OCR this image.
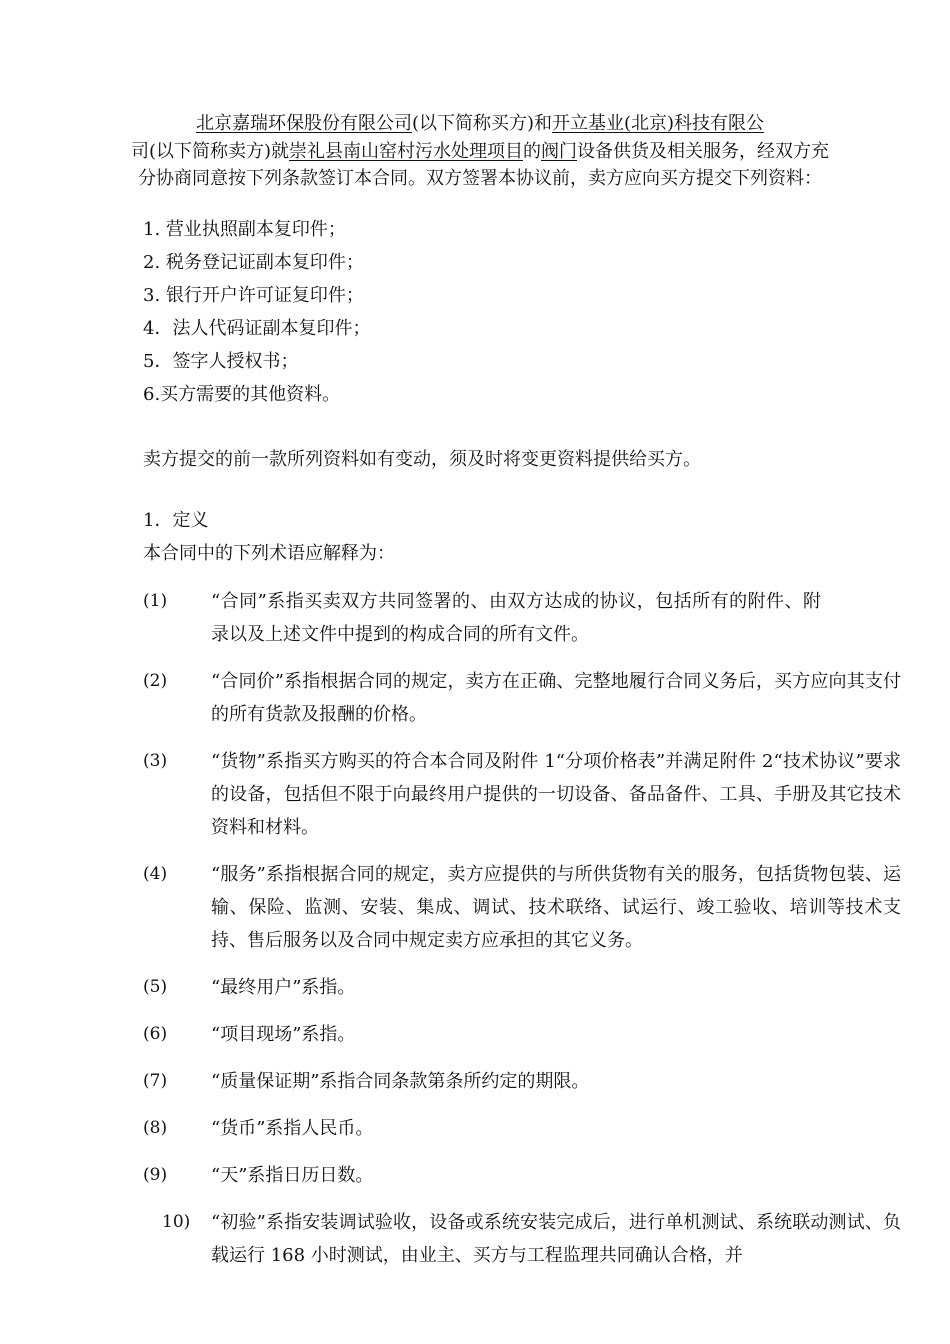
北京嘉瑞环保股份有限公司(以下简称买方)和开立基业(北京)科技有限公
司(以下简称卖方)就崇礼县南山窑村污水处理项目的阀门设备供货及相关服务，经双方充分协商同意按下列条款签订本合同。双方签署本协议前，卖方应向买方提交下列资料：
1. 营业执照副本复印件；
2. 税务登记证副本复印件；
3. 银行开户许可证复印件；
4．法人代码证副本复印件；
5．签字人授权书；
6.买方需要的其他资料。
卖方提交的前一款所列资料如有变动，须及时将变更资料提供给买方。
1．定义
本合同中的下列术语应解释为：
(1) “合同”系指买卖双方共同签署的、由双方达成的协议，包括所有的附件、附录以及上述文件中提到的构成合同的所有文件。
(2) “合同价”系指根据合同的规定，卖方在正确、完整地履行合同义务后，买方应向其支付的所有货款及报酬的价格。
(3) “货物”系指买方购买的符合本合同及附件 1“分项价格表”并满足附件 2“技术协议”要求的设备，包括但不限于向最终用户提供的一切设备、备品备件、工具、手册及其它技术资料和材料。
(4) “服务”系指根据合同的规定，卖方应提供的与所供货物有关的服务，包括货物包装、运输、保险、监测、安装、集成、调试、技术联络、试运行、竣工验收、培训等技术支持、售后服务以及合同中规定卖方应承担的其它义务。
(5) “最终用户”系指。
(6) “项目现场”系指。
(7) “质量保证期”系指合同条款第条所约定的期限。
(8) “货币”系指人民币。
(9) “天”系指日历日数。
10) “初验”系指安装调试验收，设备或系统安装完成后，进行单机测试、系统联动测试、负载运行 168 小时测试，由业主、买方与工程监理共同确认合格，并
